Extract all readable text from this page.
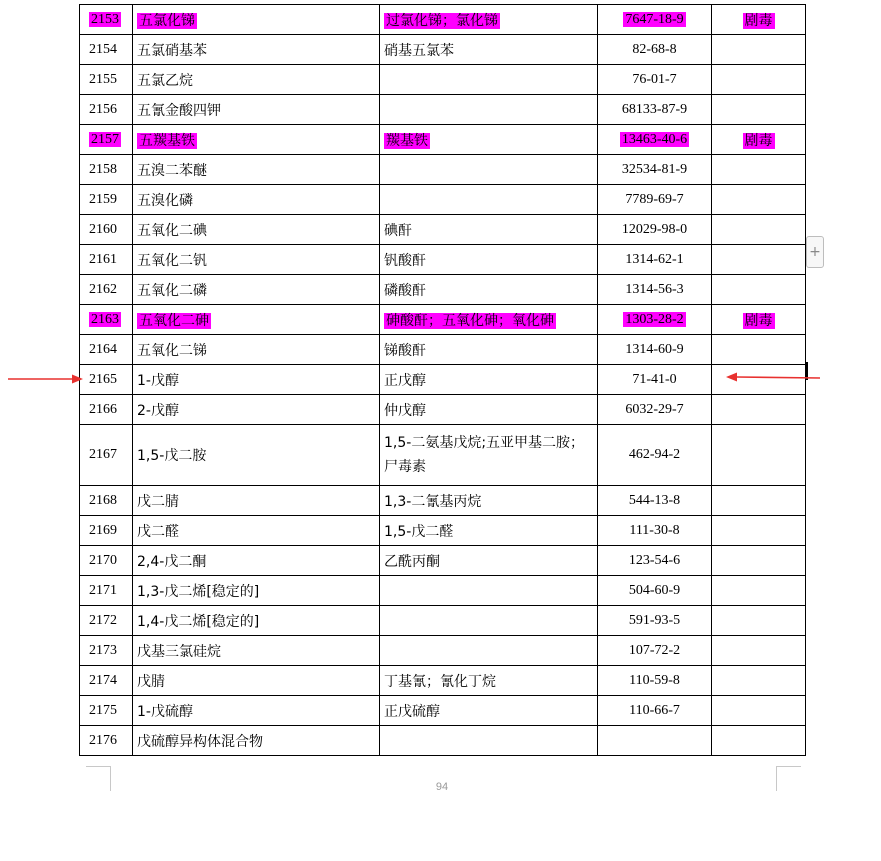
2153	五氯化锑	过氯化锑；氯化锑	7647-18-9	剧毒
2154	五氯硝基苯	硝基五氯苯	82-68-8	
2155	五氯乙烷		76-01-7	
2156	五氰金酸四钾		68133-87-9	
2157	五羰基铁	羰基铁	13463-40-6	剧毒
2158	五溴二苯醚		32534-81-9	
2159	五溴化磷		7789-69-7	
2160	五氧化二碘	碘酐	12029-98-0	
2161	五氧化二钒	钒酸酐	1314-62-1	
2162	五氧化二磷	磷酸酐	1314-56-3	
2163	五氧化二砷	砷酸酐；五氧化砷；氧化砷	1303-28-2	剧毒
2164	五氧化二锑	锑酸酐	1314-60-9	
2165	1-戊醇	正戊醇	71-41-0	
2166	2-戊醇	仲戊醇	6032-29-7	
2167	1,5-戊二胺	1,5-二氨基戊烷;五亚甲基二胺；尸毒素	462-94-2	
2168	戊二腈	1,3-二氰基丙烷	544-13-8	
2169	戊二醛	1,5-戊二醛	111-30-8	
2170	2,4-戊二酮	乙酰丙酮	123-54-6	
2171	1,3-戊二烯[稳定的]		504-60-9	
2172	1,4-戊二烯[稳定的]		591-93-5	
2173	戊基三氯硅烷		107-72-2	
2174	戊腈	丁基氰；氰化丁烷	110-59-8	
2175	1-戊硫醇	正戊硫醇	110-66-7	
2176	戊硫醇异构体混合物			
94
+
